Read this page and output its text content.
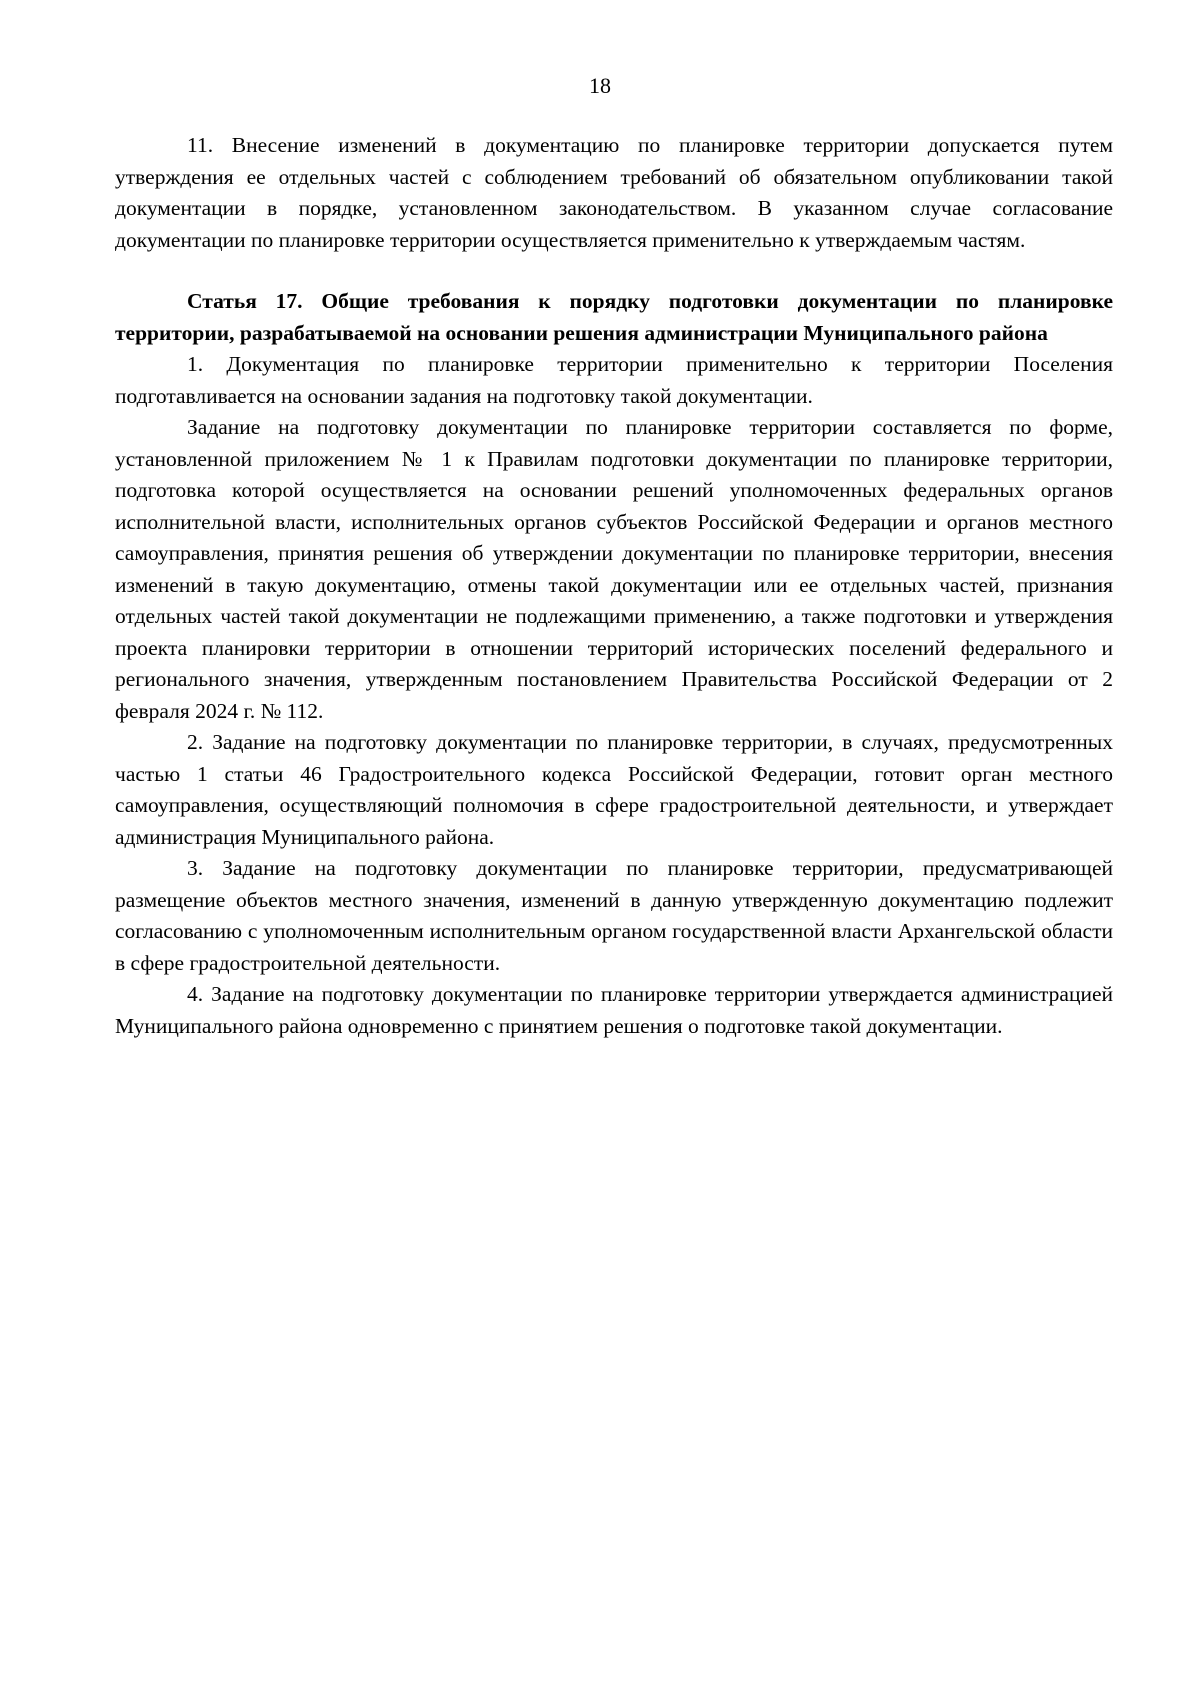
18

11. Внесение изменений в документацию по планировке территории допускается путем утверждения ее отдельных частей с соблюдением требований об обязательном опубликовании такой документации в порядке, установленном законодательством. В указанном случае согласование документации по планировке территории осуществляется применительно к утверждаемым частям.

Статья 17. Общие требования к порядку подготовки документации по планировке территории, разрабатываемой на основании решения администрации Муниципального района

1. Документация по планировке территории применительно к территории Поселения подготавливается на основании задания на подготовку такой документации.

Задание на подготовку документации по планировке территории составляется по форме, установленной приложением № 1 к Правилам подготовки документации по планировке территории, подготовка которой осуществляется на основании решений уполномоченных федеральных органов исполнительной власти, исполнительных органов субъектов Российской Федерации и органов местного самоуправления, принятия решения об утверждении документации по планировке территории, внесения изменений в такую документацию, отмены такой документации или ее отдельных частей, признания отдельных частей такой документации не подлежащими применению, а также подготовки и утверждения проекта планировки территории в отношении территорий исторических поселений федерального и регионального значения, утвержденным постановлением Правительства Российской Федерации от 2 февраля 2024 г. № 112.

2. Задание на подготовку документации по планировке территории, в случаях, предусмотренных частью 1 статьи 46 Градостроительного кодекса Российской Федерации, готовит орган местного самоуправления, осуществляющий полномочия в сфере градостроительной деятельности, и утверждает администрация Муниципального района.

3. Задание на подготовку документации по планировке территории, предусматривающей размещение объектов местного значения, изменений в данную утвержденную документацию подлежит согласованию с уполномоченным исполнительным органом государственной власти Архангельской области в сфере градостроительной деятельности.

4. Задание на подготовку документации по планировке территории утверждается администрацией Муниципального района одновременно с принятием решения о подготовке такой документации.
